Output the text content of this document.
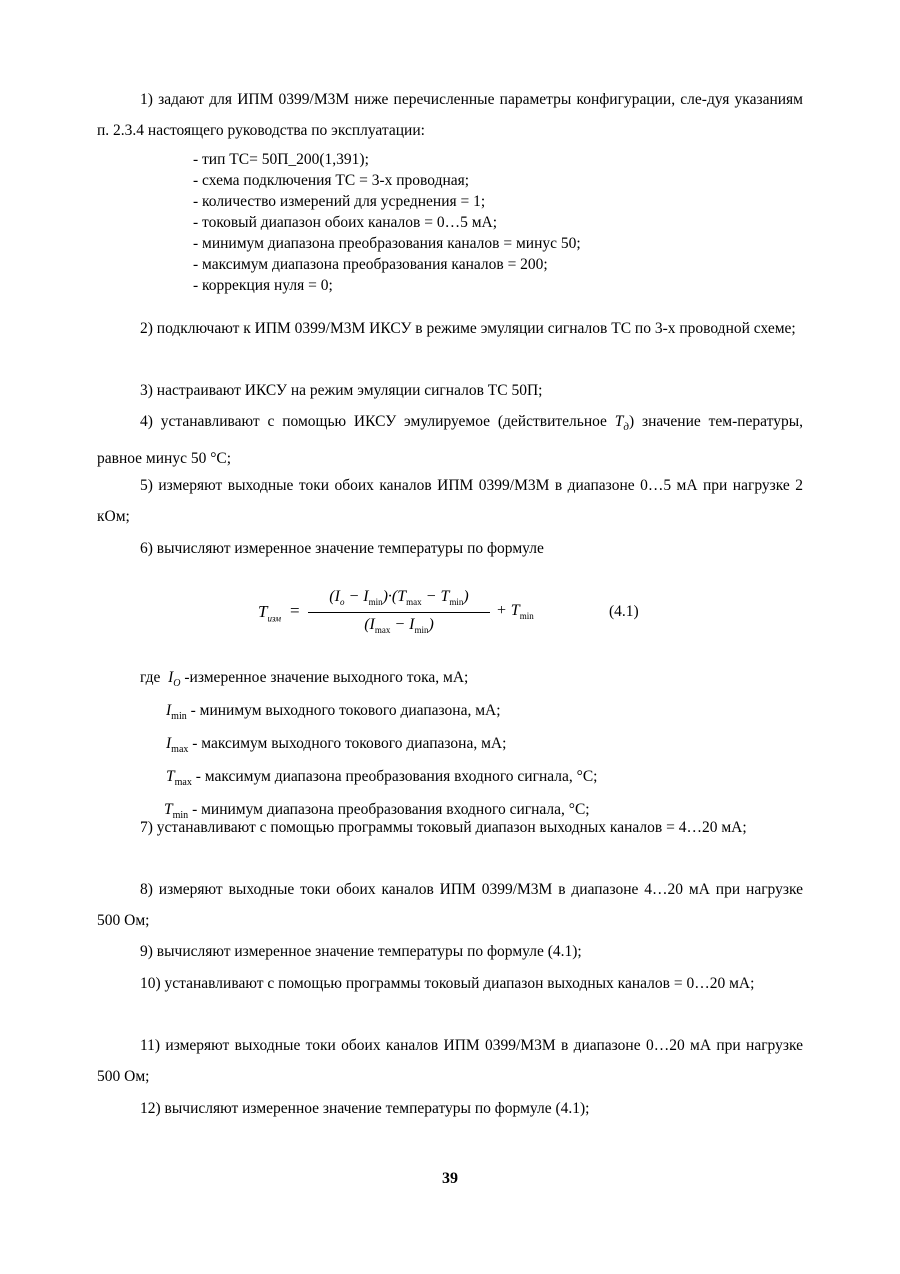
1) задают для ИПМ 0399/М3М ниже перечисленные параметры конфигурации, сле-дуя указаниям п. 2.3.4 настоящего руководства по эксплуатации:

- тип ТС= 50П_200(1,391);
- схема подключения ТС = 3-х проводная;
- количество измерений для усреднения = 1;
- токовый диапазон обоих каналов = 0…5 мА;
- минимум диапазона преобразования каналов = минус 50;
- максимум диапазона преобразования каналов = 200;
- коррекция нуля = 0;

2) подключают к ИПМ 0399/М3М ИКСУ в режиме эмуляции сигналов ТС по 3-х проводной схеме;

3) настраивают ИКСУ на режим эмуляции сигналов ТС 50П;

4) устанавливают с помощью ИКСУ эмулируемое (действительное $T_д$) значение тем-пературы, равное минус 50 °С;

5) измеряют выходные токи обоих каналов ИПМ 0399/М3М в диапазоне 0…5 мА при нагрузке 2 кОм;

6) вычисляют измеренное значение температуры по формуле

$T_{изм}$ =
$(I_o - I_{min})\cdot(T_{max} - T_{min})$
$(I_{max} - I_{min})$
+ $T_{min}$	(4.1)
где $I_O$ -измеренное значение выходного тока, мА;
$I_{min}$ - минимум выходного токового диапазона, мА;
$I_{max}$ - максимум выходного токового диапазона, мА;
$T_{max}$ - максимум диапазона преобразования входного сигнала, °С;
$T_{min}$ - минимум диапазона преобразования входного сигнала, °С;

7) устанавливают с помощью программы токовый диапазон выходных каналов = 4…20 мА;

8) измеряют выходные токи обоих каналов ИПМ 0399/М3М в диапазоне 4…20 мА при нагрузке 500 Ом;

9) вычисляют измеренное значение температуры по формуле (4.1);

10) устанавливают с помощью программы токовый диапазон выходных каналов = 0…20 мА;

11) измеряют выходные токи обоих каналов ИПМ 0399/М3М в диапазоне 0…20 мА при нагрузке 500 Ом;

12) вычисляют измеренное значение температуры по формуле (4.1);

39
